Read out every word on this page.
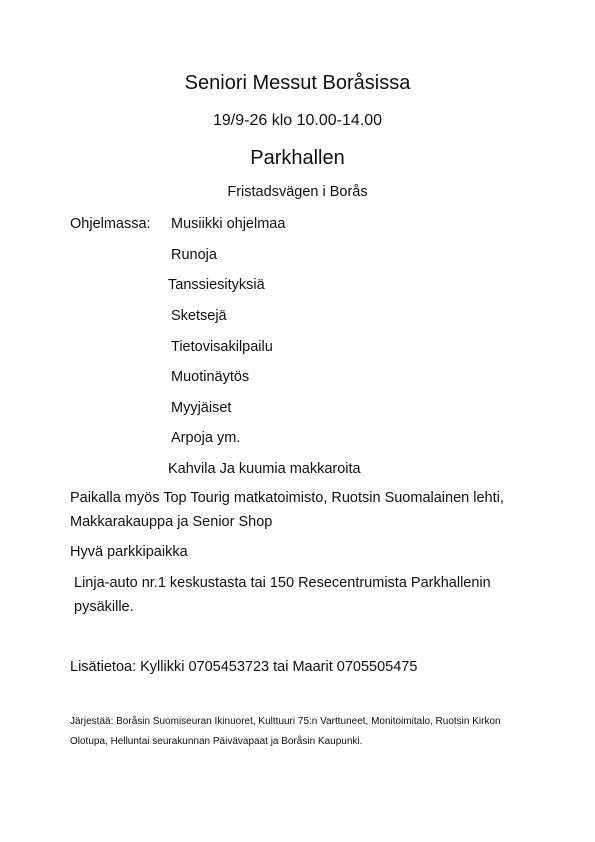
Seniori Messut Boråsissa
19/9-26 klo 10.00-14.00
Parkhallen
Fristadsvägen i Borås
Ohjelmassa: Musiikki ohjelmaa
Runoja
Tanssiesityksiä
Sketsejä
Tietovisakilpailu
Muotinäytös
Myyjäiset
Arpoja ym.
Kahvila Ja kuumia makkaroita
Paikalla myös Top Tourig matkatoimisto, Ruotsin Suomalainen lehti, Makkarakauppa ja Senior Shop
Hyvä parkkipaikka
Linja-auto nr.1 keskustasta tai 150 Resecentrumista Parkhallenin pysäkille.
Lisätietoa: Kyllikki 0705453723 tai Maarit 0705505475
Järjestää: Boråsin Suomiseuran Ikinuoret, Kulttuuri 75:n Varttuneet, Monitoimitalo, Ruotsin Kirkon Olotupa, Helluntai seurakunnan Päivävapaat ja Boråsin Kaupunki.
